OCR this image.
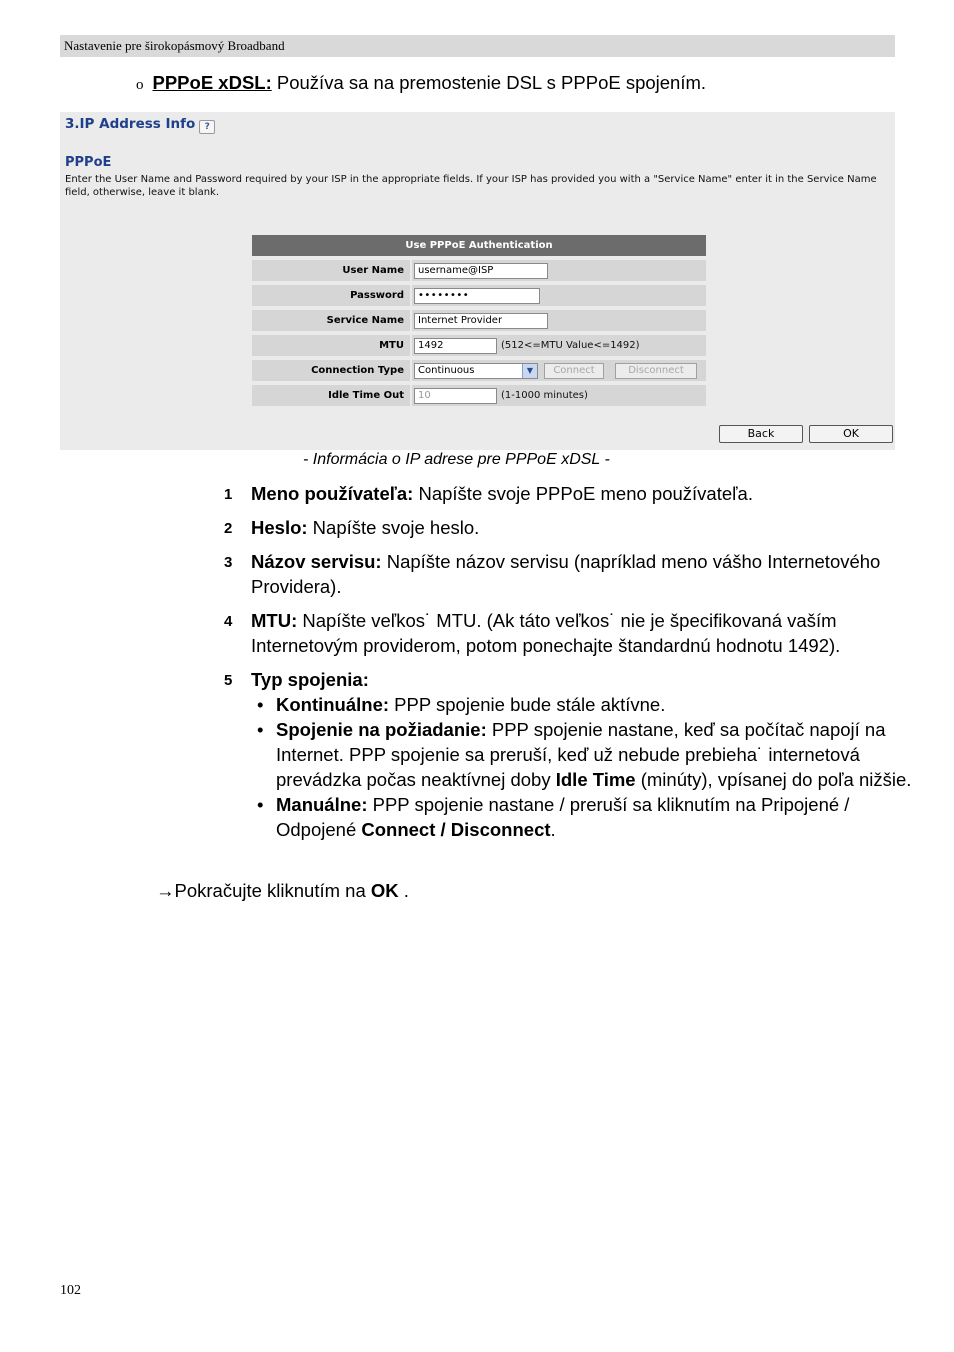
Nastavenie pre širokopásmový Broadband
o PPPoE xDSL: Používa sa na premostenie DSL s PPPoE spojením.
3.IP Address Info ?
PPPoE
Enter the User Name and Password required by your ISP in the appropriate fields. If your ISP has provided you with a "Service Name" enter it in the Service Name field, otherwise, leave it blank.
Use PPPoE Authentication
User Name	username@ISP
Password	••••••••
Service Name	Internet Provider
MTU	1492	(512<=MTU Value<=1492)
Connection Type	Continuous	▼	Connect	Disconnect
Idle Time Out	10	(1-1000 minutes)
Back	OK
- Informácia o IP adrese pre PPPoE xDSL -
1 Meno používateľa: Napíšte svoje PPPoE meno používateľa.
2 Heslo: Napíšte svoje heslo.
3 Názov servisu: Napíšte názov servisu (napríklad meno vášho Internetového Providera).
4 MTU: Napíšte veľkos˙ MTU. (Ak táto veľkos˙ nie je špecifikovaná vaším Internetovým providerom, potom ponechajte štandardnú hodnotu 1492).
5 Typ spojenia:
• Kontinuálne: PPP spojenie bude stále aktívne.
• Spojenie na požiadanie: PPP spojenie nastane, keď sa počítač napojí na Internet. PPP spojenie sa preruší, keď už nebude prebieha˙ internetová prevádzka počas neaktívnej doby Idle Time (minúty), vpísanej do poľa nižšie.
• Manuálne: PPP spojenie nastane / preruší sa kliknutím na Pripojené / Odpojené Connect / Disconnect.
→Pokračujte kliknutím na OK .
102
